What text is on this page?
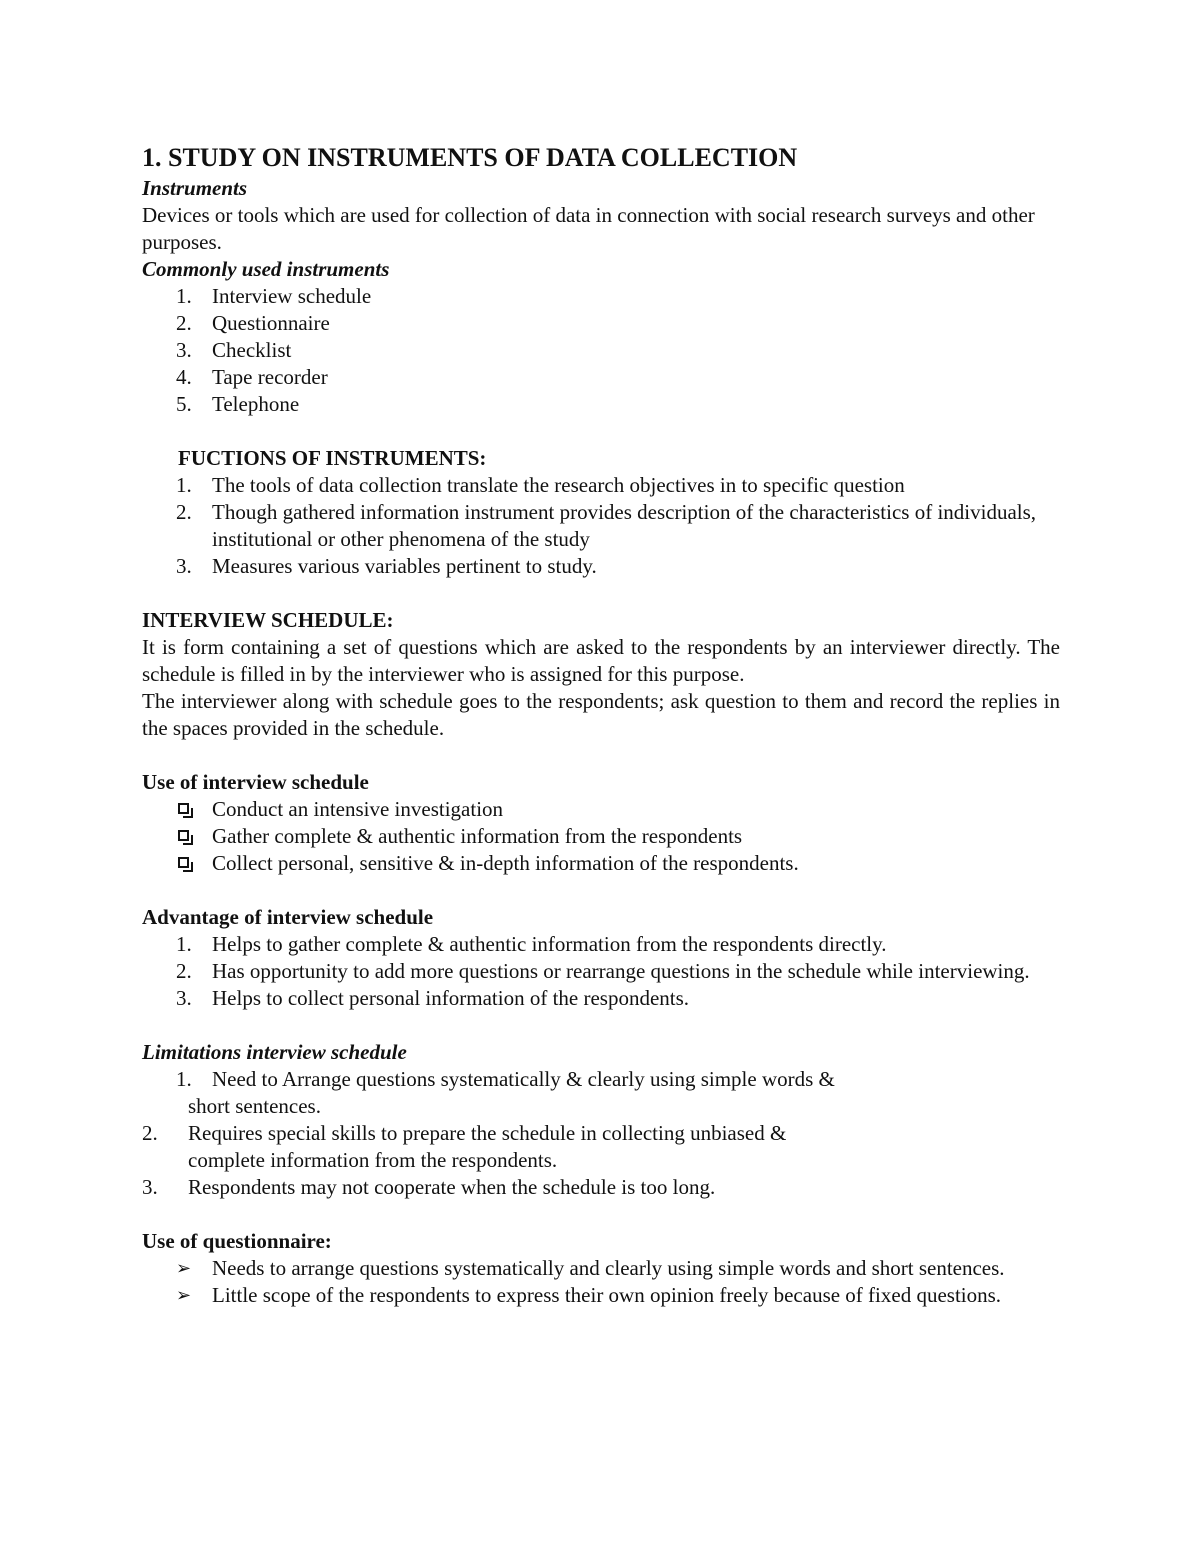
1. STUDY ON INSTRUMENTS OF DATA COLLECTION

Instruments

Devices or tools which are used for collection of data in connection with social research surveys and other purposes.

Commonly used instruments

1. Interview schedule
2. Questionnaire
3. Checklist
4. Tape recorder
5. Telephone

FUCTIONS OF INSTRUMENTS:

1. The tools of data collection translate the research objectives in to specific question
2. Though gathered information instrument provides description of the characteristics of individuals, institutional or other phenomena of the study
3. Measures various variables pertinent to study.

INTERVIEW SCHEDULE:

It is form containing a set of questions which are asked to the respondents by an interviewer directly. The schedule is filled in by the interviewer who is assigned for this purpose.

The interviewer along with schedule goes to the respondents; ask question to them and record the replies in the spaces provided in the schedule.

Use of interview schedule

Conduct an intensive investigation
Gather complete & authentic information from the respondents
Collect personal, sensitive & in-depth information of the respondents.

Advantage of interview schedule

1. Helps to gather complete & authentic information from the respondents directly.
2. Has opportunity to add more questions or rearrange questions in the schedule while interviewing.
3. Helps to collect personal information of the respondents.

Limitations interview schedule

1. Need to Arrange questions systematically & clearly using simple words &

short sentences.

2. Requires special skills to prepare the schedule in collecting unbiased &

complete information from the respondents.

3. Respondents may not cooperate when the schedule is too long.

Use of questionnaire:

➢ Needs to arrange questions systematically and clearly using simple words and short sentences.
➢ Little scope of the respondents to express their own opinion freely because of fixed questions.
